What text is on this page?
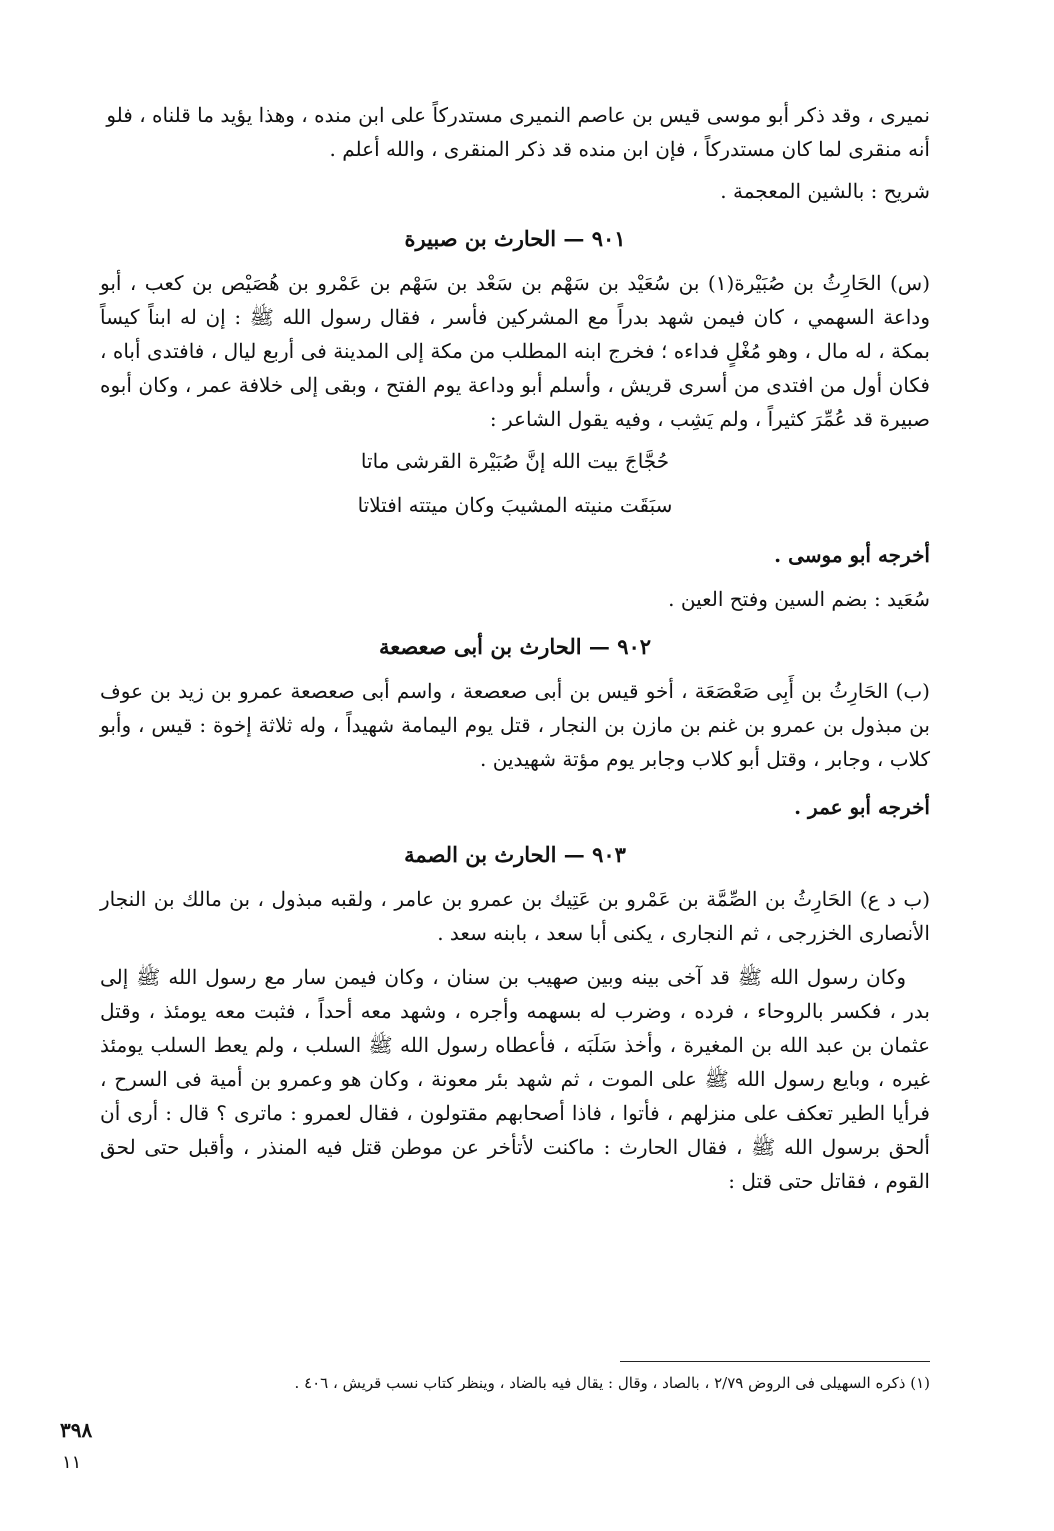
نميرى ، وقد ذكر أبو موسى قيس بن عاصم النميرى مستدركاً على ابن منده ، وهذا يؤيد ما قلناه ، فلو

أنه منقرى لما كان مستدركاً ، فإن ابن منده قد ذكر المنقرى ، والله أعلم .

شريح : بالشين المعجمة .

٩٠١ — الحارث بن صبيرة

(س) الحَارِثُ بن صُبَيْرة(١) بن سُعَيْد بن سَهْم بن سَعْد بن سَهْم بن عَمْرو بن هُصَيْص بن كعب ، أبو وداعة السهمي ، كان فيمن شهد بدراً مع المشركين فأسر ، فقال رسول الله ﷺ : إن له ابناً كيساً بمكة ، له مال ، وهو مُغْلٍ فداءه ؛ فخرج ابنه المطلب من مكة إلى المدينة فى أربع ليال ، فافتدى أباه ، فكان أول من افتدى من أسرى قريش ، وأسلم أبو وداعة يوم الفتح ، وبقى إلى خلافة عمر ، وكان أبوه صبيرة قد عُمِّرَ كثيراً ، ولم يَشِب ، وفيه يقول الشاعر :

حُجَّاجَ بيت الله إنَّ صُبَيْرة القرشى ماتا
سبَقَت منيته المشيبَ وكان ميتته افتلاتا

أخرجه أبو موسى .

سُعَيد : بضم السين وفتح العين .

٩٠٢ — الحارث بن أبى صعصعة

(ب) الحَارِثُ بن أَبِى صَعْصَعَة ، أخو قيس بن أبى صعصعة ، واسم أبى صعصعة عمرو بن زيد بن عوف بن مبذول بن عمرو بن غنم بن مازن بن النجار ، قتل يوم اليمامة شهيداً ، وله ثلاثة إخوة : قيس ، وأبو كلاب ، وجابر ، وقتل أبو كلاب وجابر يوم مؤتة شهيدين .

أخرجه أبو عمر .

٩٠٣ — الحارث بن الصمة

(ب د ع) الحَارِثُ بن الصِّمَّة بن عَمْرو بن عَتِيك بن عمرو بن عامر ، ولقبه مبذول ، بن مالك بن النجار الأنصارى الخزرجى ، ثم النجارى ، يكنى أبا سعد ، بابنه سعد .

وكان رسول الله ﷺ قد آخى بينه وبين صهيب بن سنان ، وكان فيمن سار مع رسول الله ﷺ إلى بدر ، فكسر بالروحاء ، فرده ، وضرب له بسهمه وأجره ، وشهد معه أحداً ، فثبت معه يومئذ ، وقتل عثمان بن عبد الله بن المغيرة ، وأخذ سَلَبَه ، فأعطاه رسول الله ﷺ السلب ، ولم يعط السلب يومئذ غيره ، وبايع رسول الله ﷺ على الموت ، ثم شهد بئر معونة ، وكان هو وعمرو بن أمية فى السرح ، فرأيا الطير تعكف على منزلهم ، فأتوا ، فاذا أصحابهم مقتولون ، فقال لعمرو : ماترى ؟ قال : أرى أن ألحق برسول الله ﷺ ، فقال الحارث : ماكنت لأتأخر عن موطن قتل فيه المنذر ، وأقبل حتى لحق القوم ، فقاتل حتى قتل :

(١) ذكره السهيلى فى الروض ٢/٧٩ ، بالصاد ، وقال : يقال فيه بالضاد ، وينظر كتاب نسب قريش ، ٤٠٦ .
٣٩٨
١١
